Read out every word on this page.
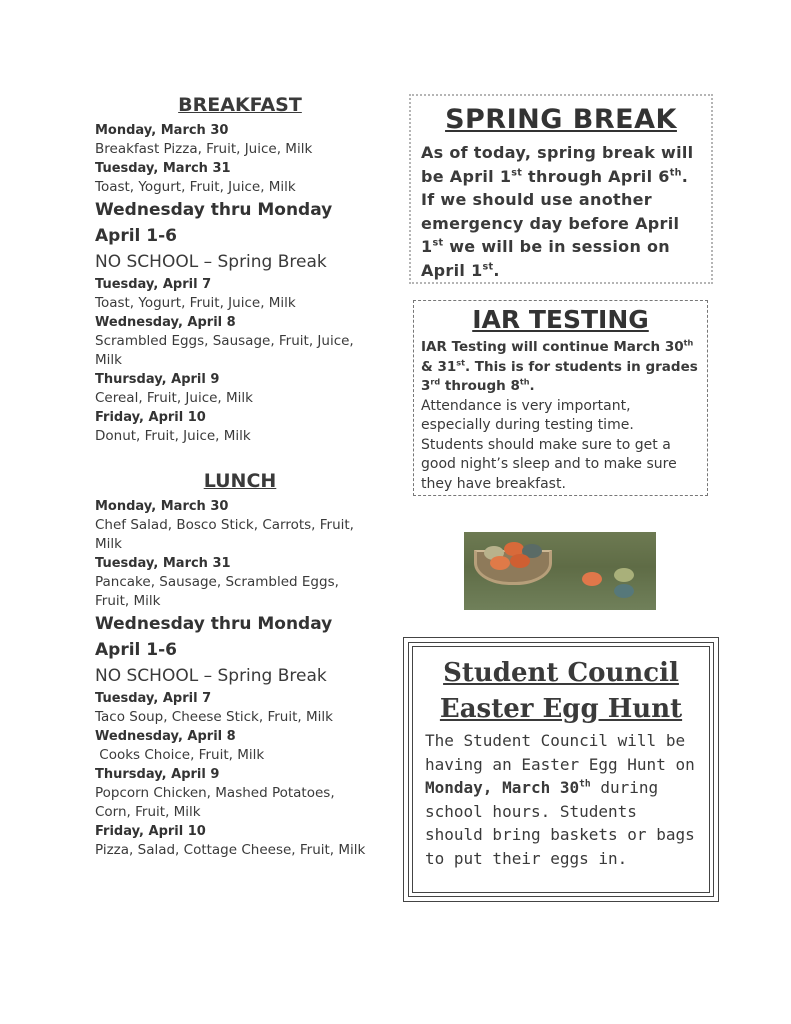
BREAKFAST
Monday, March 30
Breakfast Pizza, Fruit, Juice, Milk
Tuesday, March 31
Toast, Yogurt, Fruit, Juice, Milk
Wednesday thru Monday April 1-6
NO SCHOOL – Spring Break
Tuesday, April 7
Toast, Yogurt, Fruit, Juice, Milk
Wednesday, April 8
Scrambled Eggs, Sausage, Fruit, Juice, Milk
Thursday, April 9
Cereal, Fruit, Juice, Milk
Friday, April 10
Donut, Fruit, Juice, Milk
LUNCH
Monday, March 30
Chef Salad, Bosco Stick, Carrots, Fruit, Milk
Tuesday, March 31
Pancake, Sausage, Scrambled Eggs, Fruit, Milk
Wednesday thru Monday April 1-6
NO SCHOOL – Spring Break
Tuesday, April 7
Taco Soup, Cheese Stick, Fruit, Milk
Wednesday, April 8
Cooks Choice, Fruit, Milk
Thursday, April 9
Popcorn Chicken, Mashed Potatoes, Corn, Fruit, Milk
Friday, April 10
Pizza, Salad, Cottage Cheese, Fruit, Milk
SPRING BREAK
As of today, spring break will be April 1st through April 6th. If we should use another emergency day before April 1st we will be in session on April 1st.
IAR TESTING
IAR Testing will continue March 30th & 31st. This is for students in grades 3rd through 8th.
Attendance is very important, especially during testing time. Students should make sure to get a good night’s sleep and to make sure they have breakfast.
Student Council
Easter Egg Hunt
The Student Council will be having an Easter Egg Hunt on Monday, March 30th during school hours. Students should bring baskets or bags to put their eggs in.
